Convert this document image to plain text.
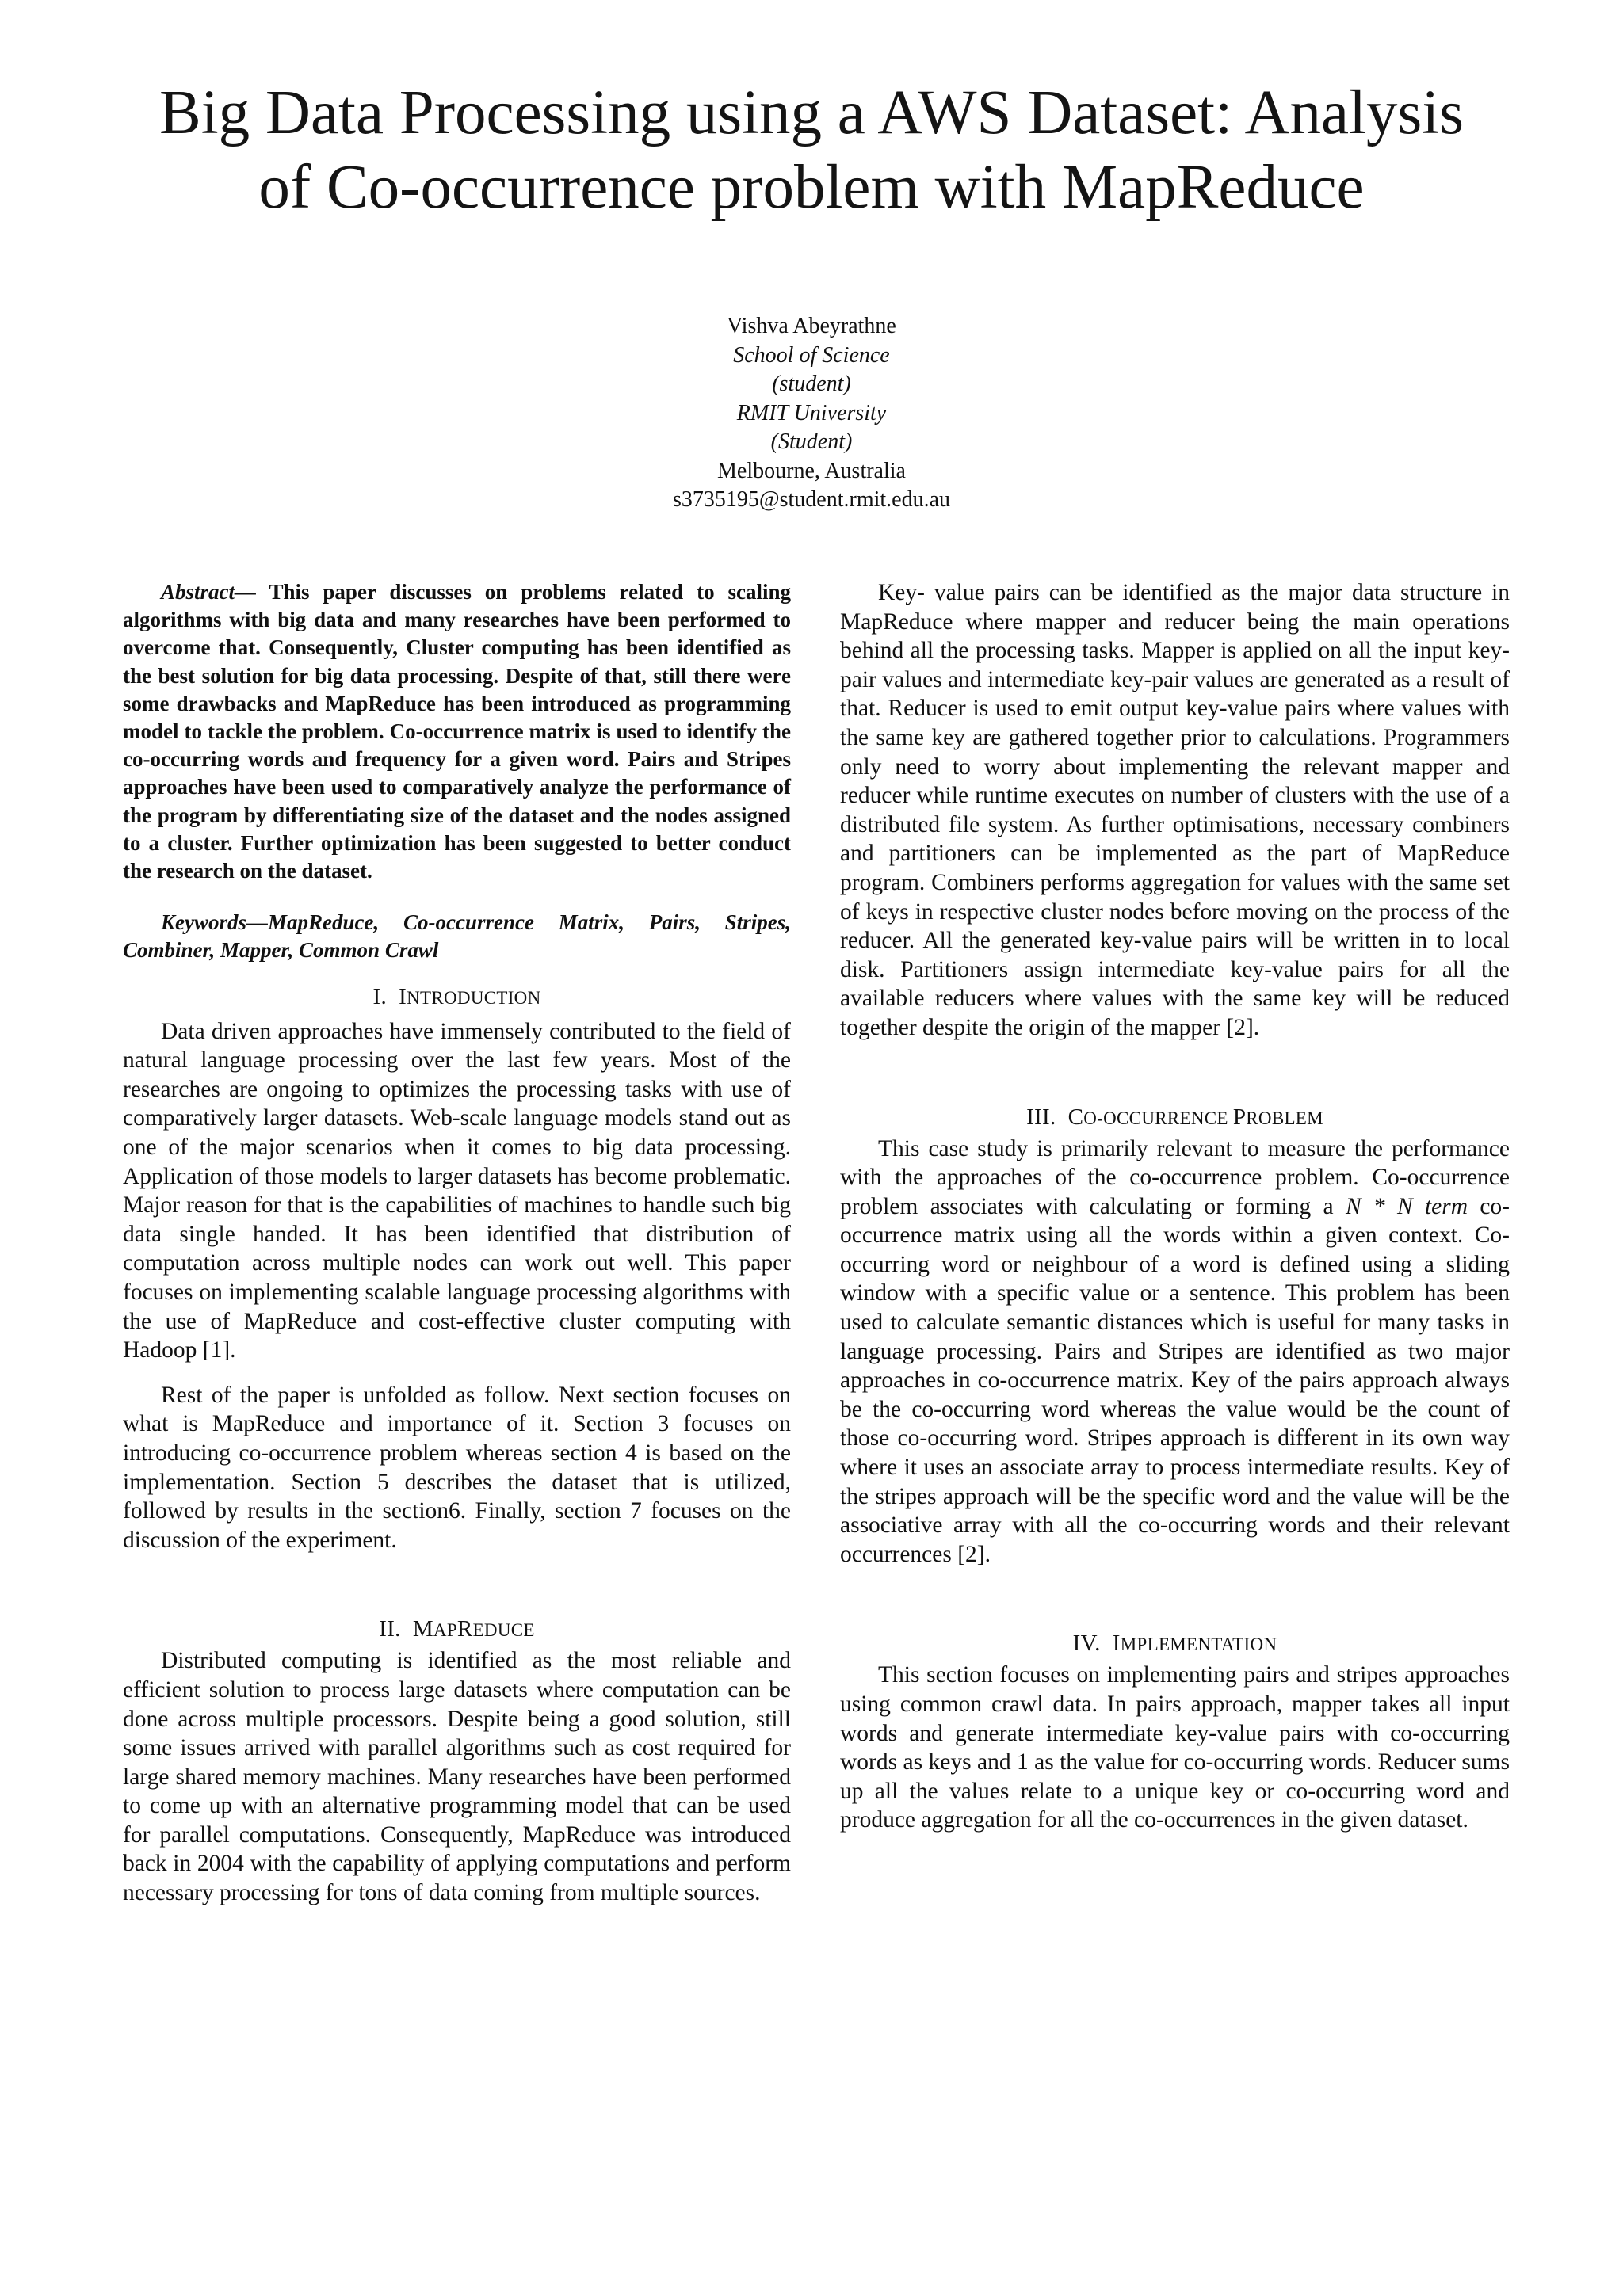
Big Data Processing using a AWS Dataset: Analysis
of Co-occurrence problem with MapReduce
Vishva Abeyrathne
School of Science
(student)
RMIT University
(Student)
Melbourne, Australia
s3735195@student.rmit.edu.au

Abstract— This paper discusses on problems related to scaling algorithms with big data and many researches have been performed to overcome that. Consequently, Cluster computing has been identified as the best solution for big data processing. Despite of that, still there were some drawbacks and MapReduce has been introduced as programming model to tackle the problem. Co-occurrence matrix is used to identify the co-occurring words and frequency for a given word. Pairs and Stripes approaches have been used to comparatively analyze the performance of the program by differentiating size of the dataset and the nodes assigned to a cluster. Further optimization has been suggested to better conduct the research on the dataset.

Keywords—MapReduce, Co-occurrence Matrix, Pairs, Stripes, Combiner, Mapper, Common Crawl

I. INTRODUCTION

Data driven approaches have immensely contributed to the field of natural language processing over the last few years. Most of the researches are ongoing to optimizes the processing tasks with use of comparatively larger datasets. Web-scale language models stand out as one of the major scenarios when it comes to big data processing. Application of those models to larger datasets has become problematic. Major reason for that is the capabilities of machines to handle such big data single handed. It has been identified that distribution of computation across multiple nodes can work out well. This paper focuses on implementing scalable language processing algorithms with the use of MapReduce and cost-effective cluster computing with Hadoop [1].

Rest of the paper is unfolded as follow. Next section focuses on what is MapReduce and importance of it. Section 3 focuses on introducing co-occurrence problem whereas section 4 is based on the implementation. Section 5 describes the dataset that is utilized, followed by results in the section6. Finally, section 7 focuses on the discussion of the experiment.

II. MAPREDUCE

Distributed computing is identified as the most reliable and efficient solution to process large datasets where computation can be done across multiple processors. Despite being a good solution, still some issues arrived with parallel algorithms such as cost required for large shared memory machines. Many researches have been performed to come up with an alternative programming model that can be used for parallel computations. Consequently, MapReduce was introduced back in 2004 with the capability of applying computations and perform necessary processing for tons of data coming from multiple sources.

Key- value pairs can be identified as the major data structure in MapReduce where mapper and reducer being the main operations behind all the processing tasks. Mapper is applied on all the input key-pair values and intermediate key-pair values are generated as a result of that. Reducer is used to emit output key-value pairs where values with the same key are gathered together prior to calculations. Programmers only need to worry about implementing the relevant mapper and reducer while runtime executes on number of clusters with the use of a distributed file system. As further optimisations, necessary combiners and partitioners can be implemented as the part of MapReduce program. Combiners performs aggregation for values with the same set of keys in respective cluster nodes before moving on the process of the reducer. All the generated key-value pairs will be written in to local disk. Partitioners assign intermediate key-value pairs for all the available reducers where values with the same key will be reduced together despite the origin of the mapper [2].

III. CO-OCCURRENCE PROBLEM

This case study is primarily relevant to measure the performance with the approaches of the co-occurrence problem. Co-occurrence problem associates with calculating or forming a N * N term co-occurrence matrix using all the words within a given context. Co-occurring word or neighbour of a word is defined using a sliding window with a specific value or a sentence. This problem has been used to calculate semantic distances which is useful for many tasks in language processing. Pairs and Stripes are identified as two major approaches in co-occurrence matrix. Key of the pairs approach always be the co-occurring word whereas the value would be the count of those co-occurring word. Stripes approach is different in its own way where it uses an associate array to process intermediate results. Key of the stripes approach will be the specific word and the value will be the associative array with all the co-occurring words and their relevant occurrences [2].

IV. IMPLEMENTATION

This section focuses on implementing pairs and stripes approaches using common crawl data. In pairs approach, mapper takes all input words and generate intermediate key-value pairs with co-occurring words as keys and 1 as the value for co-occurring words. Reducer sums up all the values relate to a unique key or co-occurring word and produce aggregation for all the co-occurrences in the given dataset.
